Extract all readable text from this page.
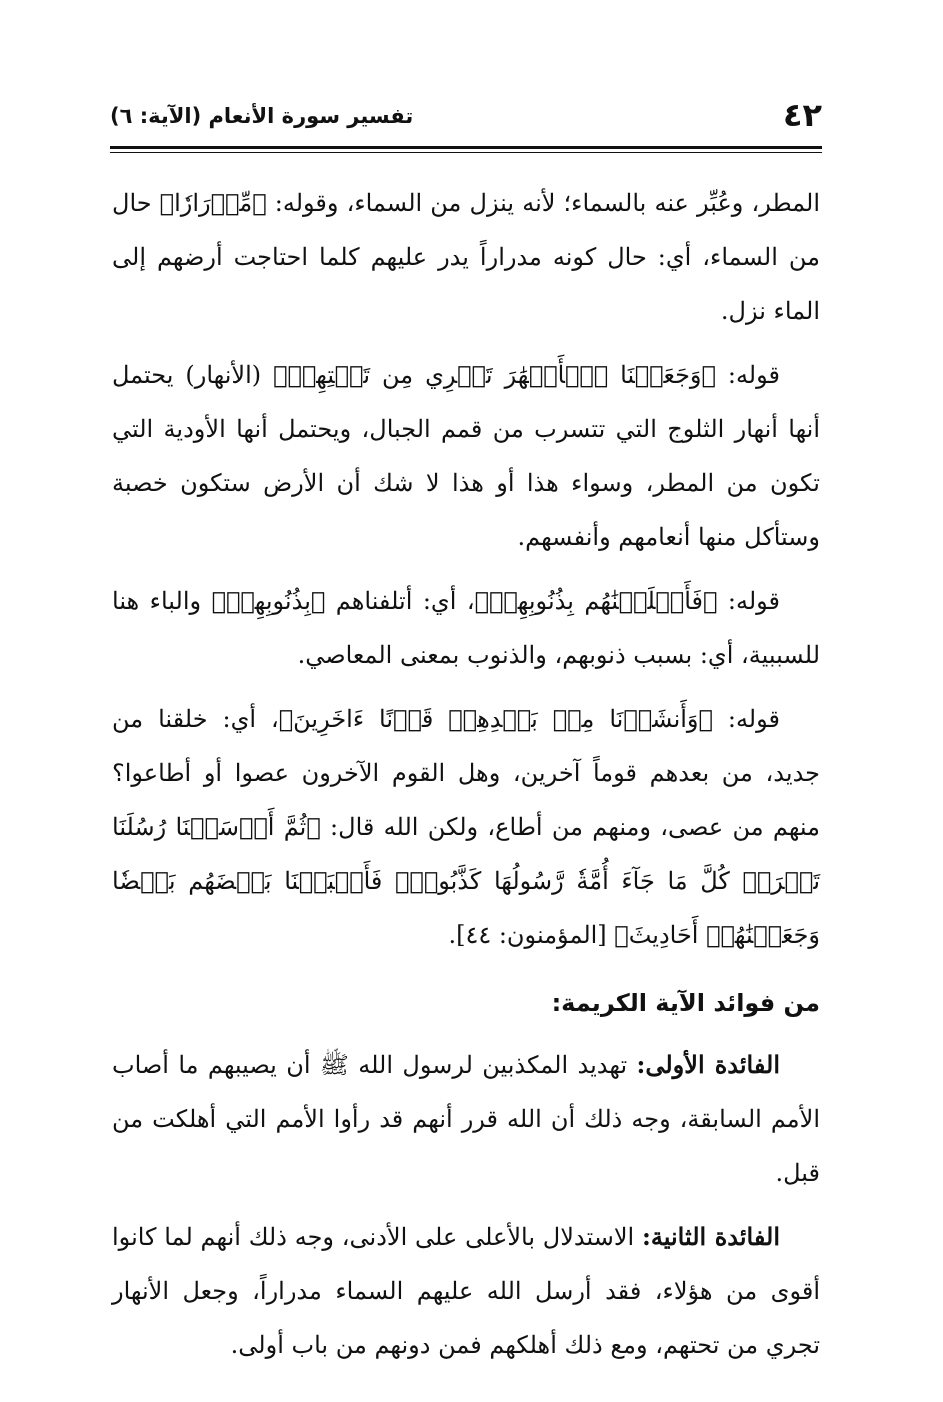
٤٢
تفسير سورة الأنعام (الآية: ٦)

المطر، وعُبِّر عنه بالسماء؛ لأنه ينزل من السماء، وقوله: ﴿مِّدۡرَارٗا﴾ حال من السماء، أي: حال كونه مدراراً يدر عليهم كلما احتاجت أرضهم إلى الماء نزل.

قوله: ﴿وَجَعَلۡنَا ٱلۡأَنۡهَٰرَ تَجۡرِي مِن تَحۡتِهِمۡ﴾ (الأنهار) يحتمل أنها أنهار الثلوج التي تتسرب من قمم الجبال، ويحتمل أنها الأودية التي تكون من المطر، وسواء هذا أو هذا لا شك أن الأرض ستكون خصبة وستأكل منها أنعامهم وأنفسهم.

قوله: ﴿فَأَهۡلَكۡنَٰهُم بِذُنُوبِهِمۡ﴾، أي: أتلفناهم ﴿بِذُنُوبِهِمۡ﴾ والباء هنا للسببية، أي: بسبب ذنوبهم، والذنوب بمعنى المعاصي.

قوله: ﴿وَأَنشَأۡنَا مِنۢ بَعۡدِهِمۡ قَرۡنًا ءَاخَرِينَ﴾، أي: خلقنا من جديد، من بعدهم قوماً آخرين، وهل القوم الآخرون عصوا أو أطاعوا؟ منهم من عصى، ومنهم من أطاع، ولكن الله قال: ﴿ثُمَّ أَرۡسَلۡنَا رُسُلَنَا تَتۡرَاۖ كُلَّ مَا جَآءَ أُمَّةٗ رَّسُولُهَا كَذَّبُوهُۚ فَأَتۡبَعۡنَا بَعۡضَهُم بَعۡضٗا وَجَعَلۡنَٰهُمۡ أَحَادِيثَ﴾ [المؤمنون: ٤٤].

من فوائد الآية الكريمة:

الفائدة الأولى: تهديد المكذبين لرسول الله ﷺ أن يصيبهم ما أصاب الأمم السابقة، وجه ذلك أن الله قرر أنهم قد رأوا الأمم التي أهلكت من قبل.

الفائدة الثانية: الاستدلال بالأعلى على الأدنى، وجه ذلك أنهم لما كانوا أقوى من هؤلاء، فقد أرسل الله عليهم السماء مدراراً، وجعل الأنهار تجري من تحتهم، ومع ذلك أهلكهم فمن دونهم من باب أولى.
